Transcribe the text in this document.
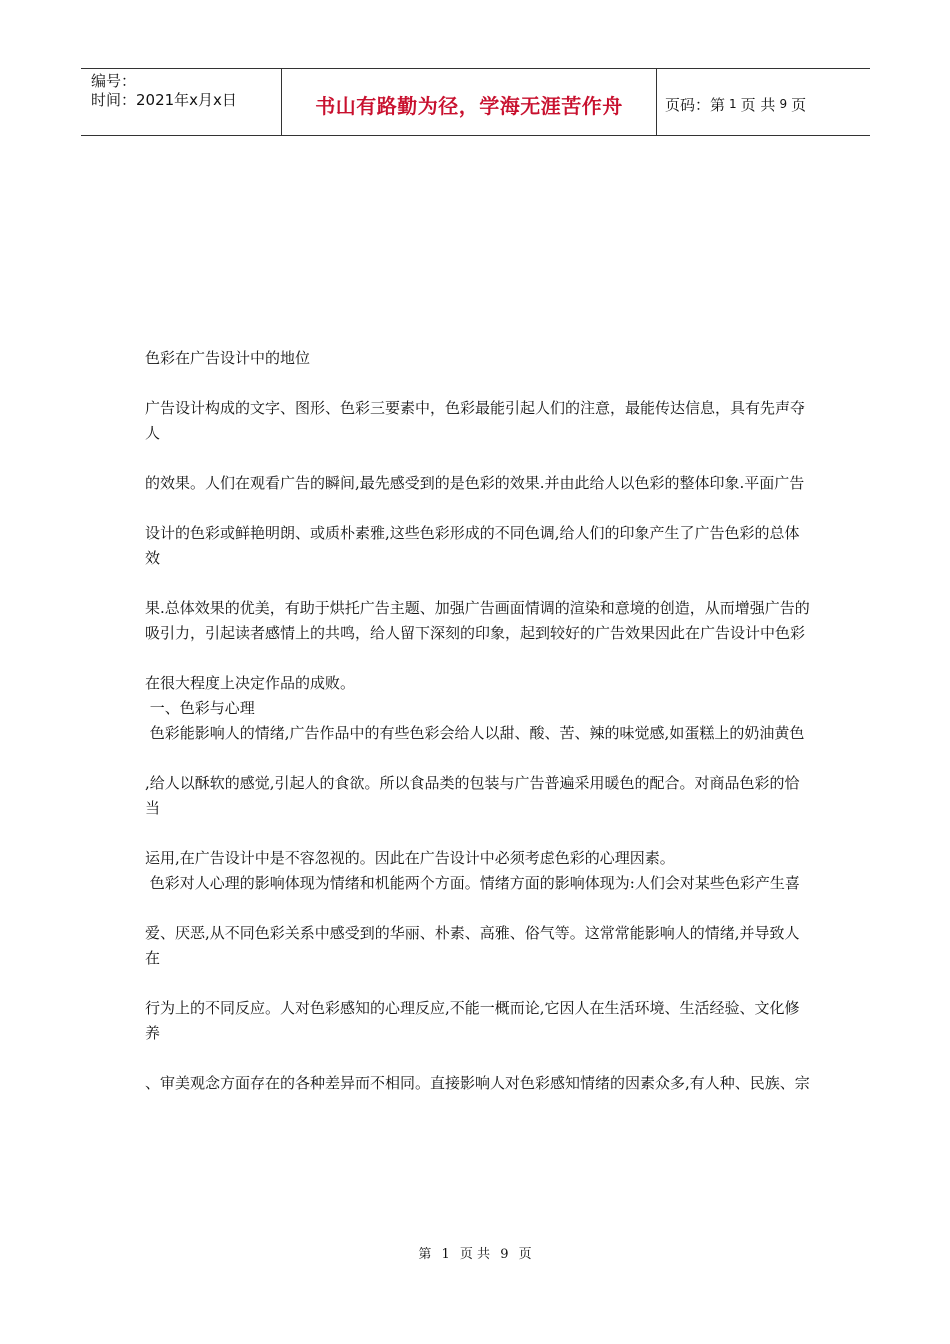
编号：
时间：2021年x月x日	书山有路勤为径，学海无涯苦作舟	页码：第 1 页 共 9 页

色彩在广告设计中的地位

广告设计构成的文字、图形、色彩三要素中，色彩最能引起人们的注意，最能传达信息，具有先声夺人

的效果。人们在观看广告的瞬间,最先感受到的是色彩的效果.并由此给人以色彩的整体印象.平面广告

设计的色彩或鲜艳明朗、或质朴素雅,这些色彩形成的不同色调,给人们的印象产生了广告色彩的总体效

果.总体效果的优美，有助于烘托广告主题、加强广告画面情调的渲染和意境的创造，从而增强广告的吸引力，引起读者感情上的共鸣，给人留下深刻的印象，起到较好的广告效果因此在广告设计中色彩

在很大程度上决定作品的成败。

一、色彩与心理

色彩能影响人的情绪,广告作品中的有些色彩会给人以甜、酸、苦、辣的味觉感,如蛋糕上的奶油黄色

,给人以酥软的感觉,引起人的食欲。所以食品类的包装与广告普遍采用暖色的配合。对商品色彩的恰当

运用,在广告设计中是不容忽视的。因此在广告设计中必须考虑色彩的心理因素。

色彩对人心理的影响体现为情绪和机能两个方面。情绪方面的影响体现为:人们会对某些色彩产生喜

爱、厌恶,从不同色彩关系中感受到的华丽、朴素、高雅、俗气等。这常常能影响人的情绪,并导致人在

行为上的不同反应。人对色彩感知的心理反应,不能一概而论,它因人在生活环境、生活经验、文化修养

、审美观念方面存在的各种差异而不相同。直接影响人对色彩感知情绪的因素众多,有人种、民族、宗

第 1 页 共 9 页
